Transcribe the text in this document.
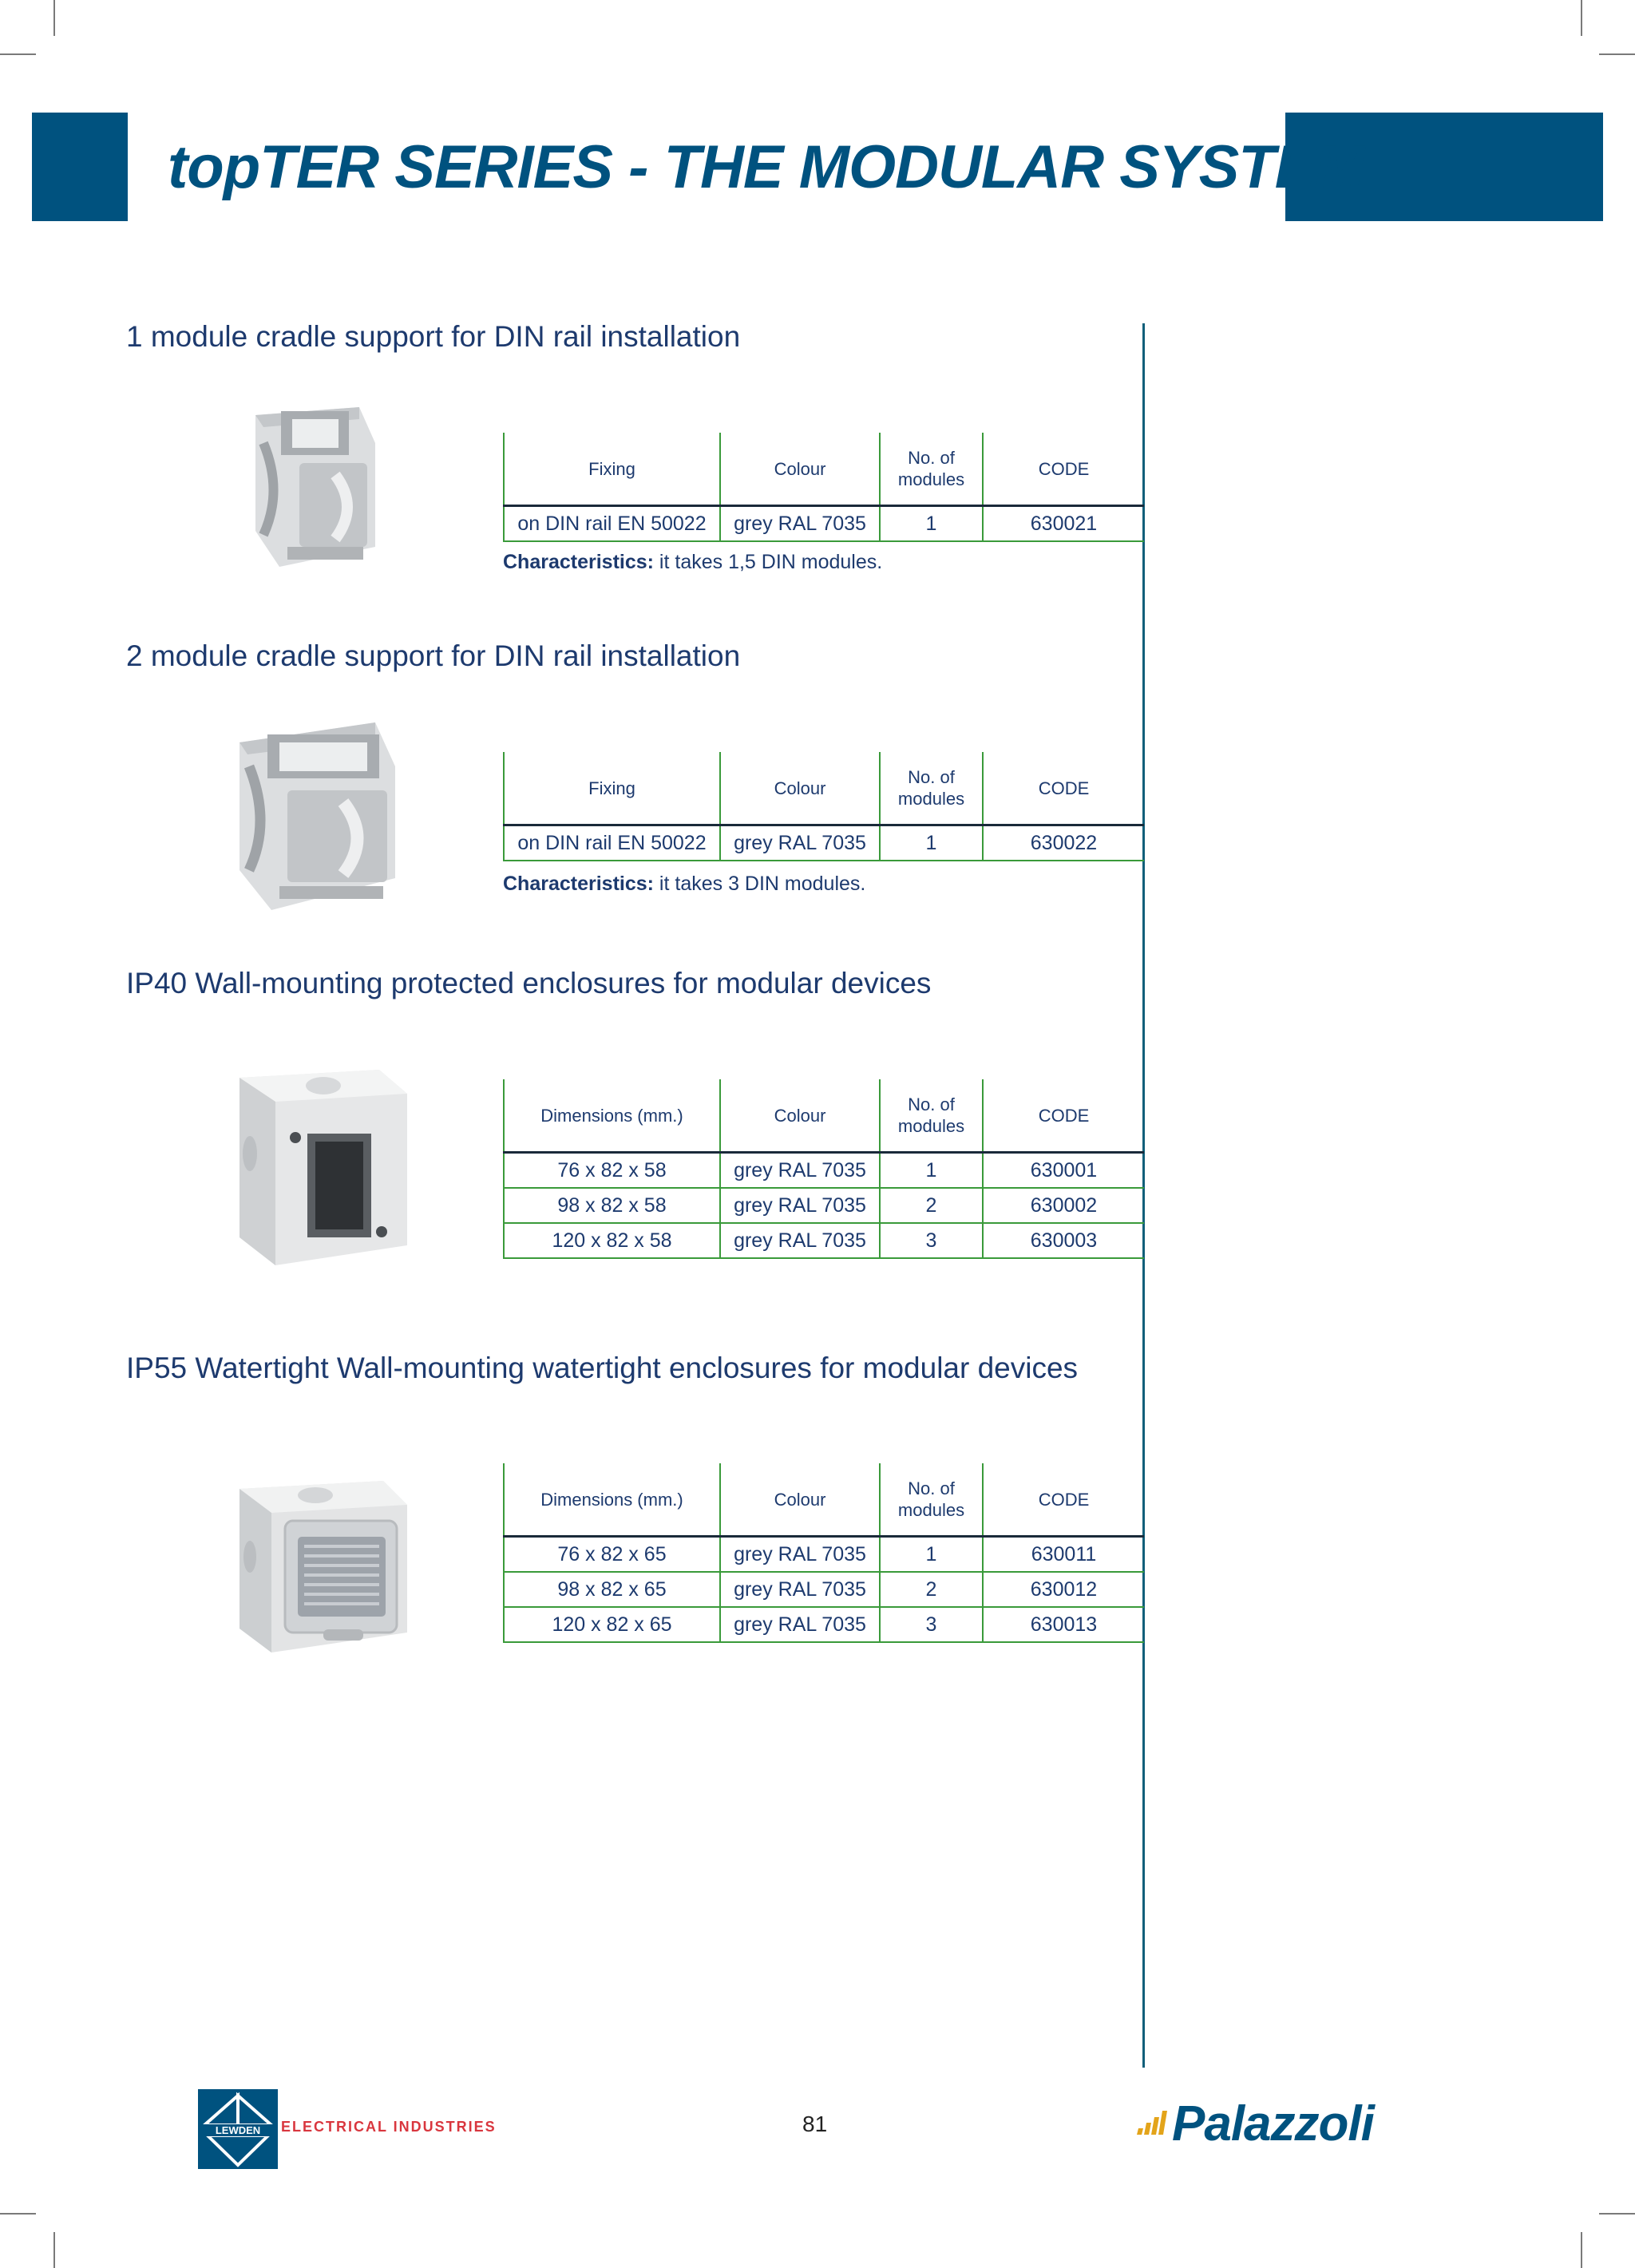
topTER SERIES - THE MODULAR SYSTEM
1 module cradle support for DIN rail installation
Fixing	Colour	No. of modules	CODE
on DIN rail EN 50022	grey RAL 7035	1	630021

Characteristics: it takes 1,5 DIN modules.

2 module cradle support for DIN rail installation
Fixing	Colour	No. of modules	CODE
on DIN rail EN 50022	grey RAL 7035	1	630022

Characteristics: it takes 3 DIN modules.

IP40 Wall-mounting protected enclosures for modular devices
Dimensions (mm.)	Colour	No. of modules	CODE
76 x 82 x 58	grey RAL 7035	1	630001
98 x 82 x 58	grey RAL 7035	2	630002
120 x 82 x 58	grey RAL 7035	3	630003
IP55 Watertight Wall-mounting watertight enclosures for modular devices
Dimensions (mm.)	Colour	No. of modules	CODE
76 x 82 x 65	grey RAL 7035	1	630011
98 x 82 x 65	grey RAL 7035	2	630012
120 x 82 x 65	grey RAL 7035	3	630013
LEWDEN ELECTRICAL INDUSTRIES	81	Palazzoli
